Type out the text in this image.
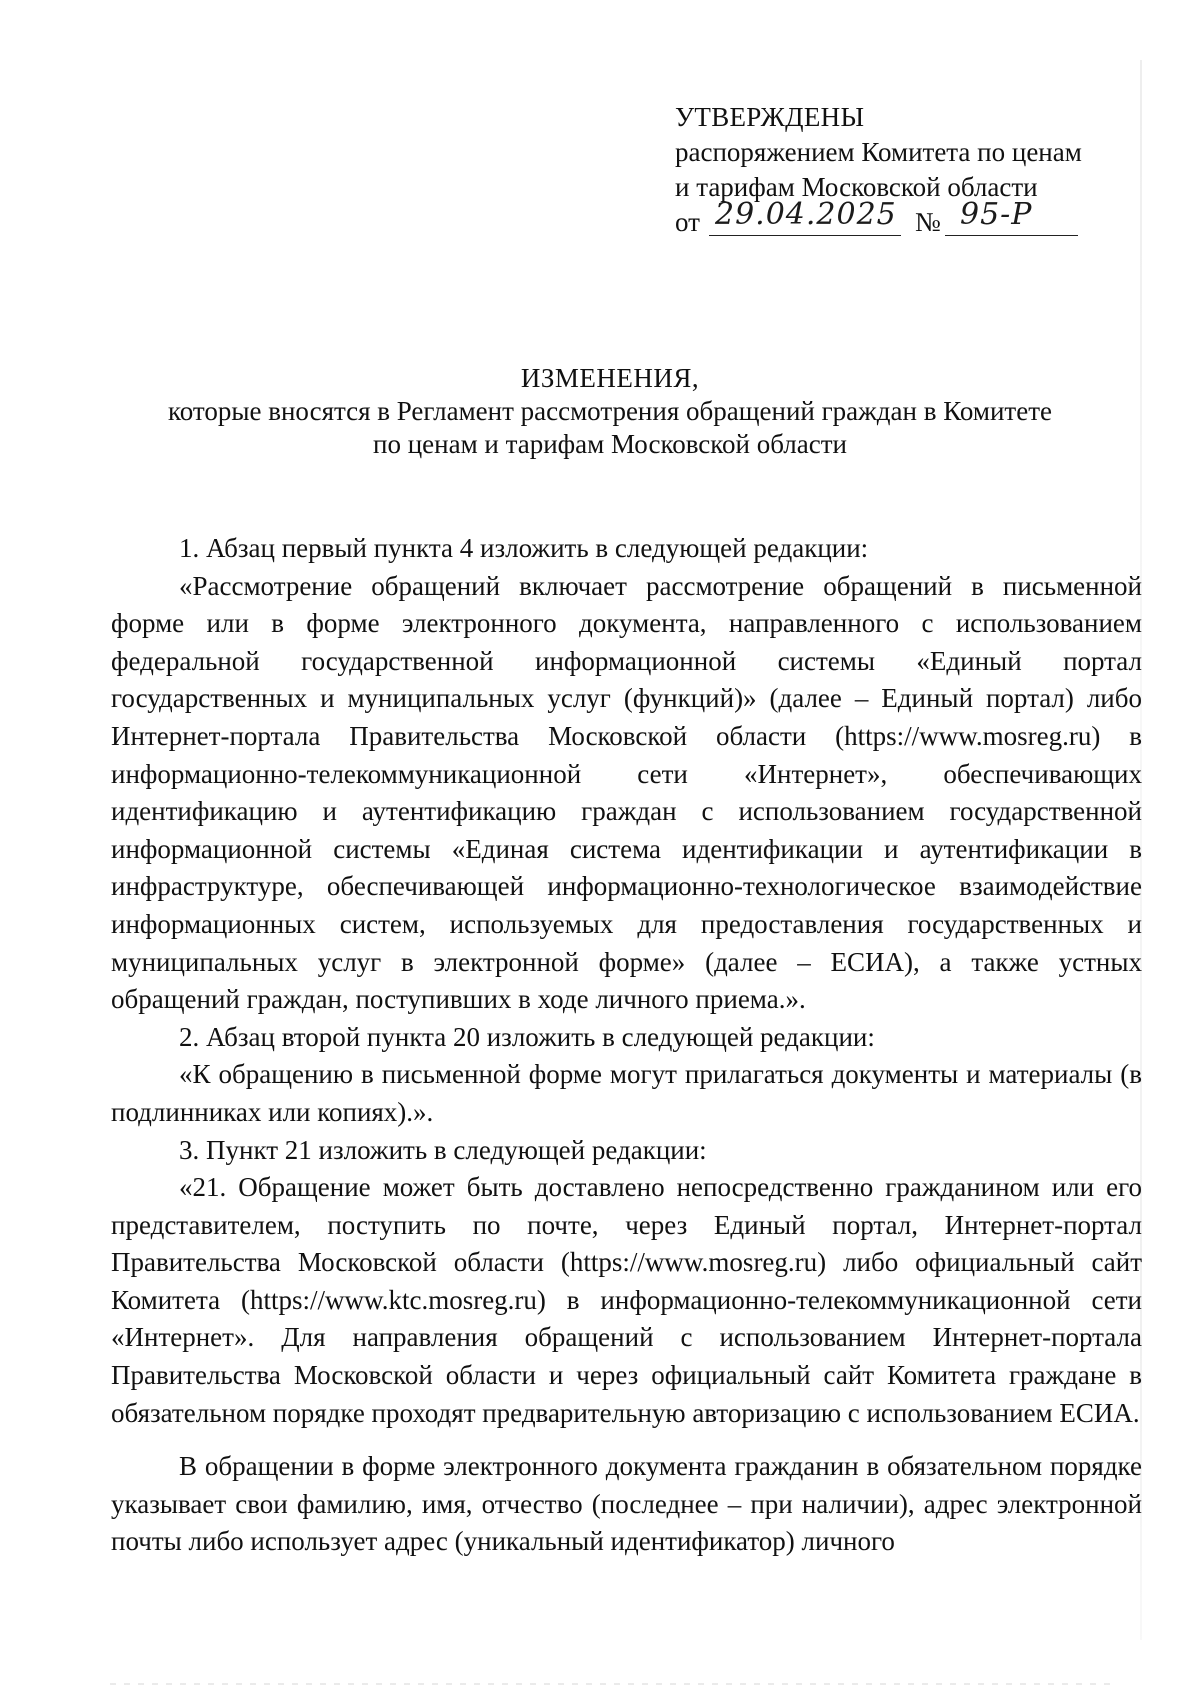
УТВЕРЖДЕНЫ
распоряжением Комитета по ценам
и тарифам Московской области
от 29.04.2025 № 95-Р
ИЗМЕНЕНИЯ,
которые вносятся в Регламент рассмотрения обращений граждан в Комитете
по ценам и тарифам Московской области

1. Абзац первый пункта 4 изложить в следующей редакции:

«Рассмотрение обращений включает рассмотрение обращений в письменной форме или в форме электронного документа, направленного с использованием федеральной государственной информационной системы «Единый портал государственных и муниципальных услуг (функций)» (далее – Единый портал) либо Интернет-портала Правительства Московской области (https://www.mosreg.ru) в информационно-телекоммуникационной сети «Интернет», обеспечивающих идентификацию и аутентификацию граждан с использованием государственной информационной системы «Единая система идентификации и аутентификации в инфраструктуре, обеспечивающей информационно-технологическое взаимодействие информационных систем, используемых для предоставления государственных и муниципальных услуг в электронной форме» (далее – ЕСИА), а также устных обращений граждан, поступивших в ходе личного приема.».

2. Абзац второй пункта 20 изложить в следующей редакции:

«К обращению в письменной форме могут прилагаться документы и материалы (в подлинниках или копиях).».

3. Пункт 21 изложить в следующей редакции:

«21. Обращение может быть доставлено непосредственно гражданином или его представителем, поступить по почте, через Единый портал, Интернет-портал Правительства Московской области (https://www.mosreg.ru) либо официальный сайт Комитета (https://www.ktc.mosreg.ru) в информационно-телекоммуникационной сети «Интернет». Для направления обращений с использованием Интернет-портала Правительства Московской области и через официальный сайт Комитета граждане в обязательном порядке проходят предварительную авторизацию с использованием ЕСИА.

В обращении в форме электронного документа гражданин в обязательном порядке указывает свои фамилию, имя, отчество (последнее – при наличии), адрес электронной почты либо использует адрес (уникальный идентификатор) личного
